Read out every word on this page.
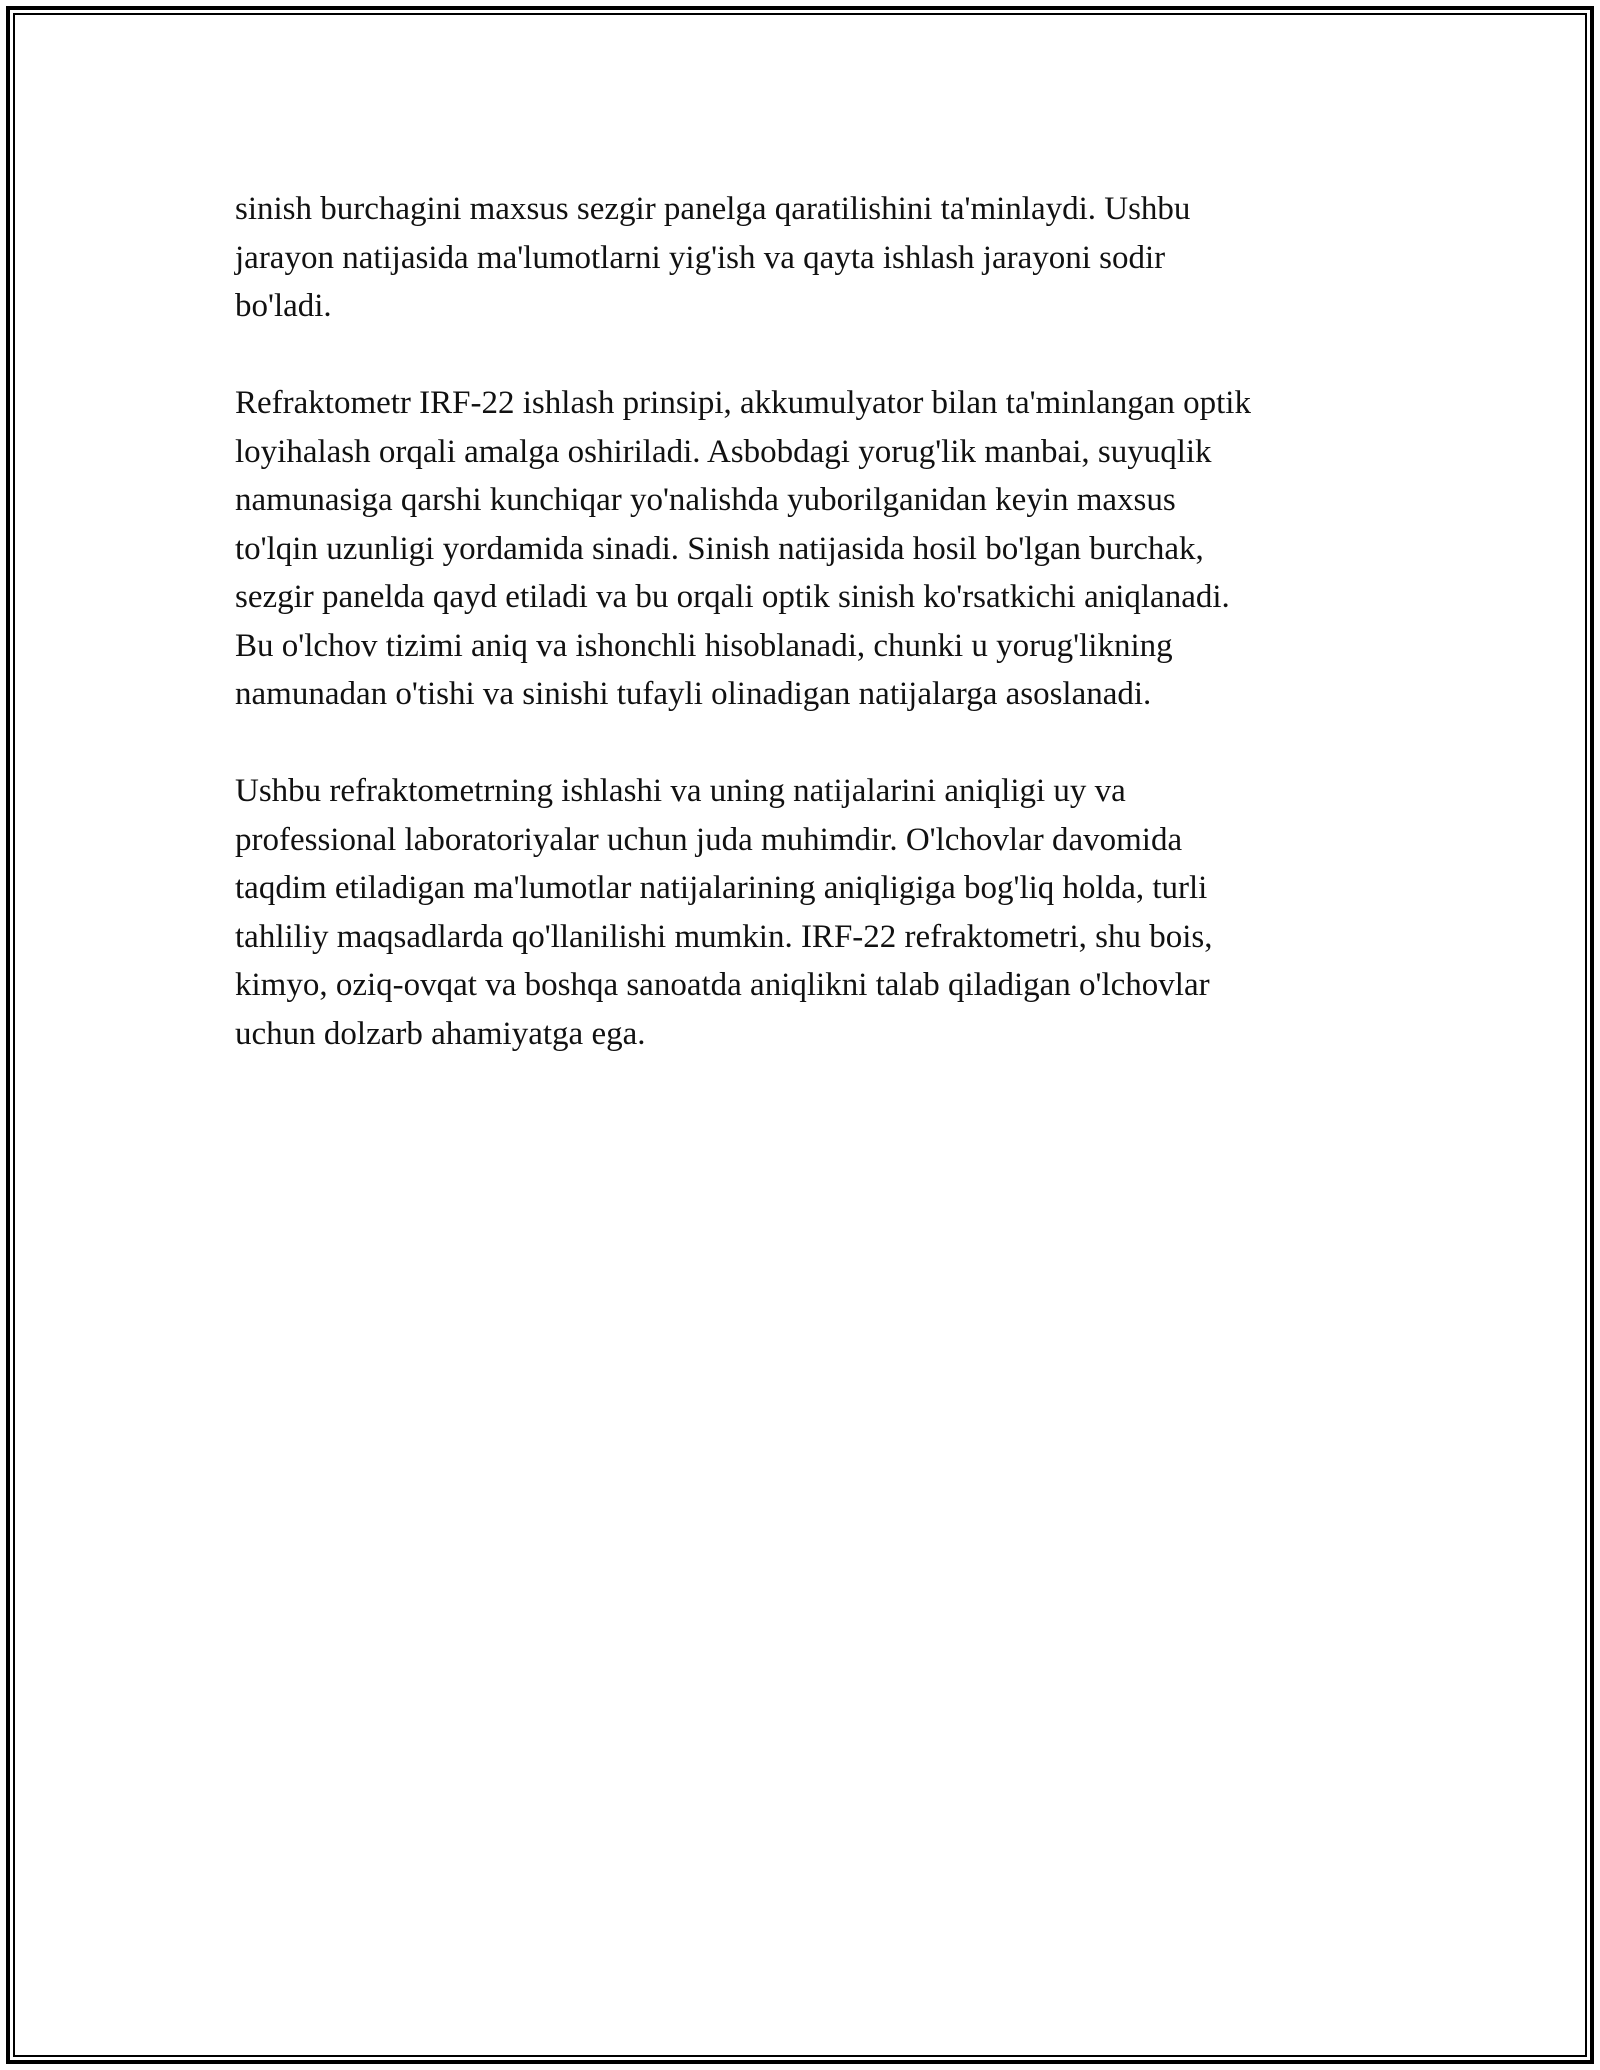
sinish burchagini maxsus sezgir panelga qaratilishini ta'minlaydi. Ushbu
jarayon natijasida ma'lumotlarni yig'ish va qayta ishlash jarayoni sodir
bo'ladi.

Refraktometr IRF-22 ishlash prinsipi, akkumulyator bilan ta'minlangan optik
loyihalash orqali amalga oshiriladi. Asbobdagi yorug'lik manbai, suyuqlik
namunasiga qarshi kunchiqar yo'nalishda yuborilganidan keyin maxsus
to'lqin uzunligi yordamida sinadi. Sinish natijasida hosil bo'lgan burchak,
sezgir panelda qayd etiladi va bu orqali optik sinish ko'rsatkichi aniqlanadi.
Bu o'lchov tizimi aniq va ishonchli hisoblanadi, chunki u yorug'likning
namunadan o'tishi va sinishi tufayli olinadigan natijalarga asoslanadi.

Ushbu refraktometrning ishlashi va uning natijalarini aniqligi uy va
professional laboratoriyalar uchun juda muhimdir. O'lchovlar davomida
taqdim etiladigan ma'lumotlar natijalarining aniqligiga bog'liq holda, turli
tahliliy maqsadlarda qo'llanilishi mumkin. IRF-22 refraktometri, shu bois,
kimyo, oziq-ovqat va boshqa sanoatda aniqlikni talab qiladigan o'lchovlar
uchun dolzarb ahamiyatga ega.
